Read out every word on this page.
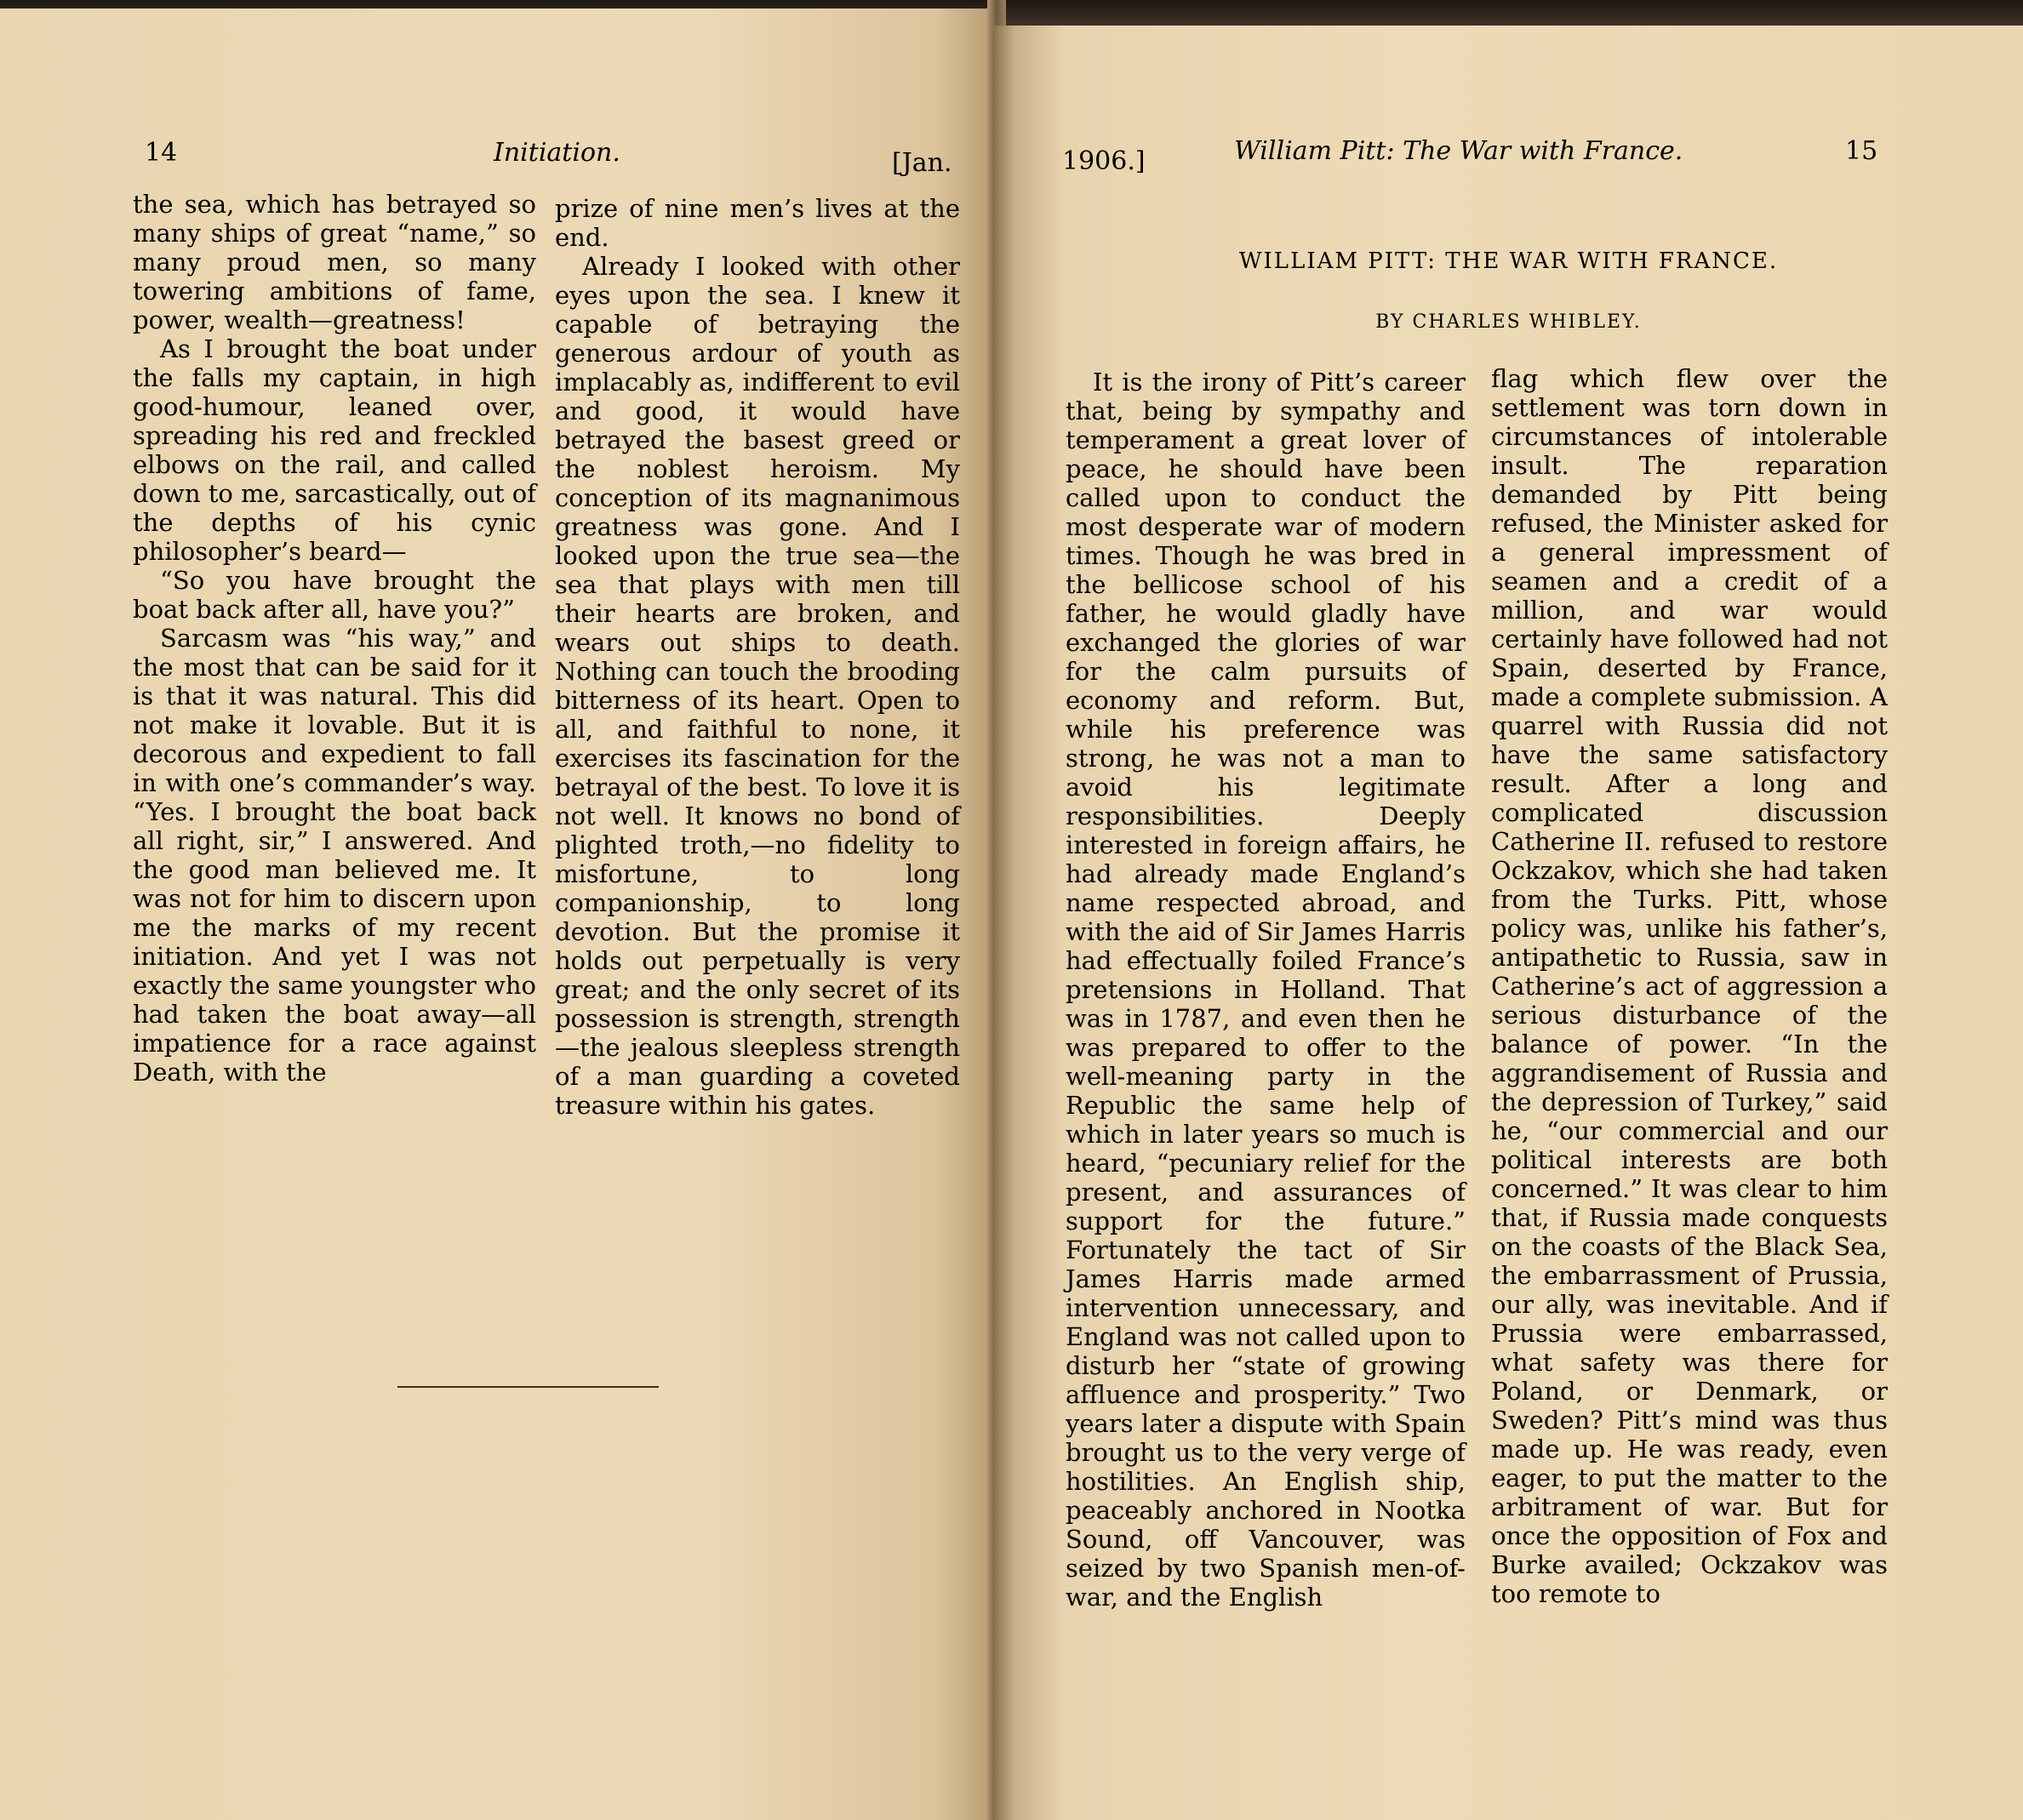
14	Initiation.	[Jan.

the sea, which has betrayed so many ships of great “name,” so many proud men, so many towering ambitions of fame, power, wealth—greatness!

As I brought the boat under the falls my captain, in high good-humour, leaned over, spreading his red and freckled elbows on the rail, and called down to me, sarcastically, out of the depths of his cynic philosopher’s beard—

“So you have brought the boat back after all, have you?”

Sarcasm was “his way,” and the most that can be said for it is that it was natural. This did not make it lovable. But it is decorous and expedient to fall in with one’s commander’s way. “Yes. I brought the boat back all right, sir,” I answered. And the good man believed me. It was not for him to discern upon me the marks of my recent initiation. And yet I was not exactly the same youngster who had taken the boat away—all impatience for a race against Death, with the

prize of nine men’s lives at the end.

Already I looked with other eyes upon the sea. I knew it capable of betraying the generous ardour of youth as implacably as, indifferent to evil and good, it would have betrayed the basest greed or the noblest heroism. My conception of its magnanimous greatness was gone. And I looked upon the true sea—the sea that plays with men till their hearts are broken, and wears out ships to death. Nothing can touch the brooding bitterness of its heart. Open to all, and faithful to none, it exercises its fascination for the betrayal of the best. To love it is not well. It knows no bond of plighted troth,—no fidelity to misfortune, to long companionship, to long devotion. But the promise it holds out perpetually is very great; and the only secret of its possession is strength, strength—the jealous sleepless strength of a man guarding a coveted treasure within his gates.

1906.]	William Pitt: The War with France.	15
WILLIAM PITT: THE WAR WITH FRANCE.
BY CHARLES WHIBLEY.

It is the irony of Pitt’s career that, being by sympathy and temperament a great lover of peace, he should have been called upon to conduct the most desperate war of modern times. Though he was bred in the bellicose school of his father, he would gladly have exchanged the glories of war for the calm pursuits of economy and reform. But, while his preference was strong, he was not a man to avoid his legitimate responsibilities. Deeply interested in foreign affairs, he had already made England’s name respected abroad, and with the aid of Sir James Harris had effectually foiled France’s pretensions in Holland. That was in 1787, and even then he was prepared to offer to the well-meaning party in the Republic the same help of which in later years so much is heard, “pecuniary relief for the present, and assurances of support for the future.” Fortunately the tact of Sir James Harris made armed intervention unnecessary, and England was not called upon to disturb her “state of growing affluence and prosperity.” Two years later a dispute with Spain brought us to the very verge of hostilities. An English ship, peaceably anchored in Nootka Sound, off Vancouver, was seized by two Spanish men-of-war, and the English

flag which flew over the settlement was torn down in circumstances of intolerable insult. The reparation demanded by Pitt being refused, the Minister asked for a general impressment of seamen and a credit of a million, and war would certainly have followed had not Spain, deserted by France, made a complete submission. A quarrel with Russia did not have the same satisfactory result. After a long and complicated discussion Catherine II. refused to restore Ockzakov, which she had taken from the Turks. Pitt, whose policy was, unlike his father’s, antipathetic to Russia, saw in Catherine’s act of aggression a serious disturbance of the balance of power. “In the aggrandisement of Russia and the depression of Turkey,” said he, “our commercial and our political interests are both concerned.” It was clear to him that, if Russia made conquests on the coasts of the Black Sea, the embarrassment of Prussia, our ally, was inevitable. And if Prussia were embarrassed, what safety was there for Poland, or Denmark, or Sweden? Pitt’s mind was thus made up. He was ready, even eager, to put the matter to the arbitrament of war. But for once the opposition of Fox and Burke availed; Ockzakov was too remote to
